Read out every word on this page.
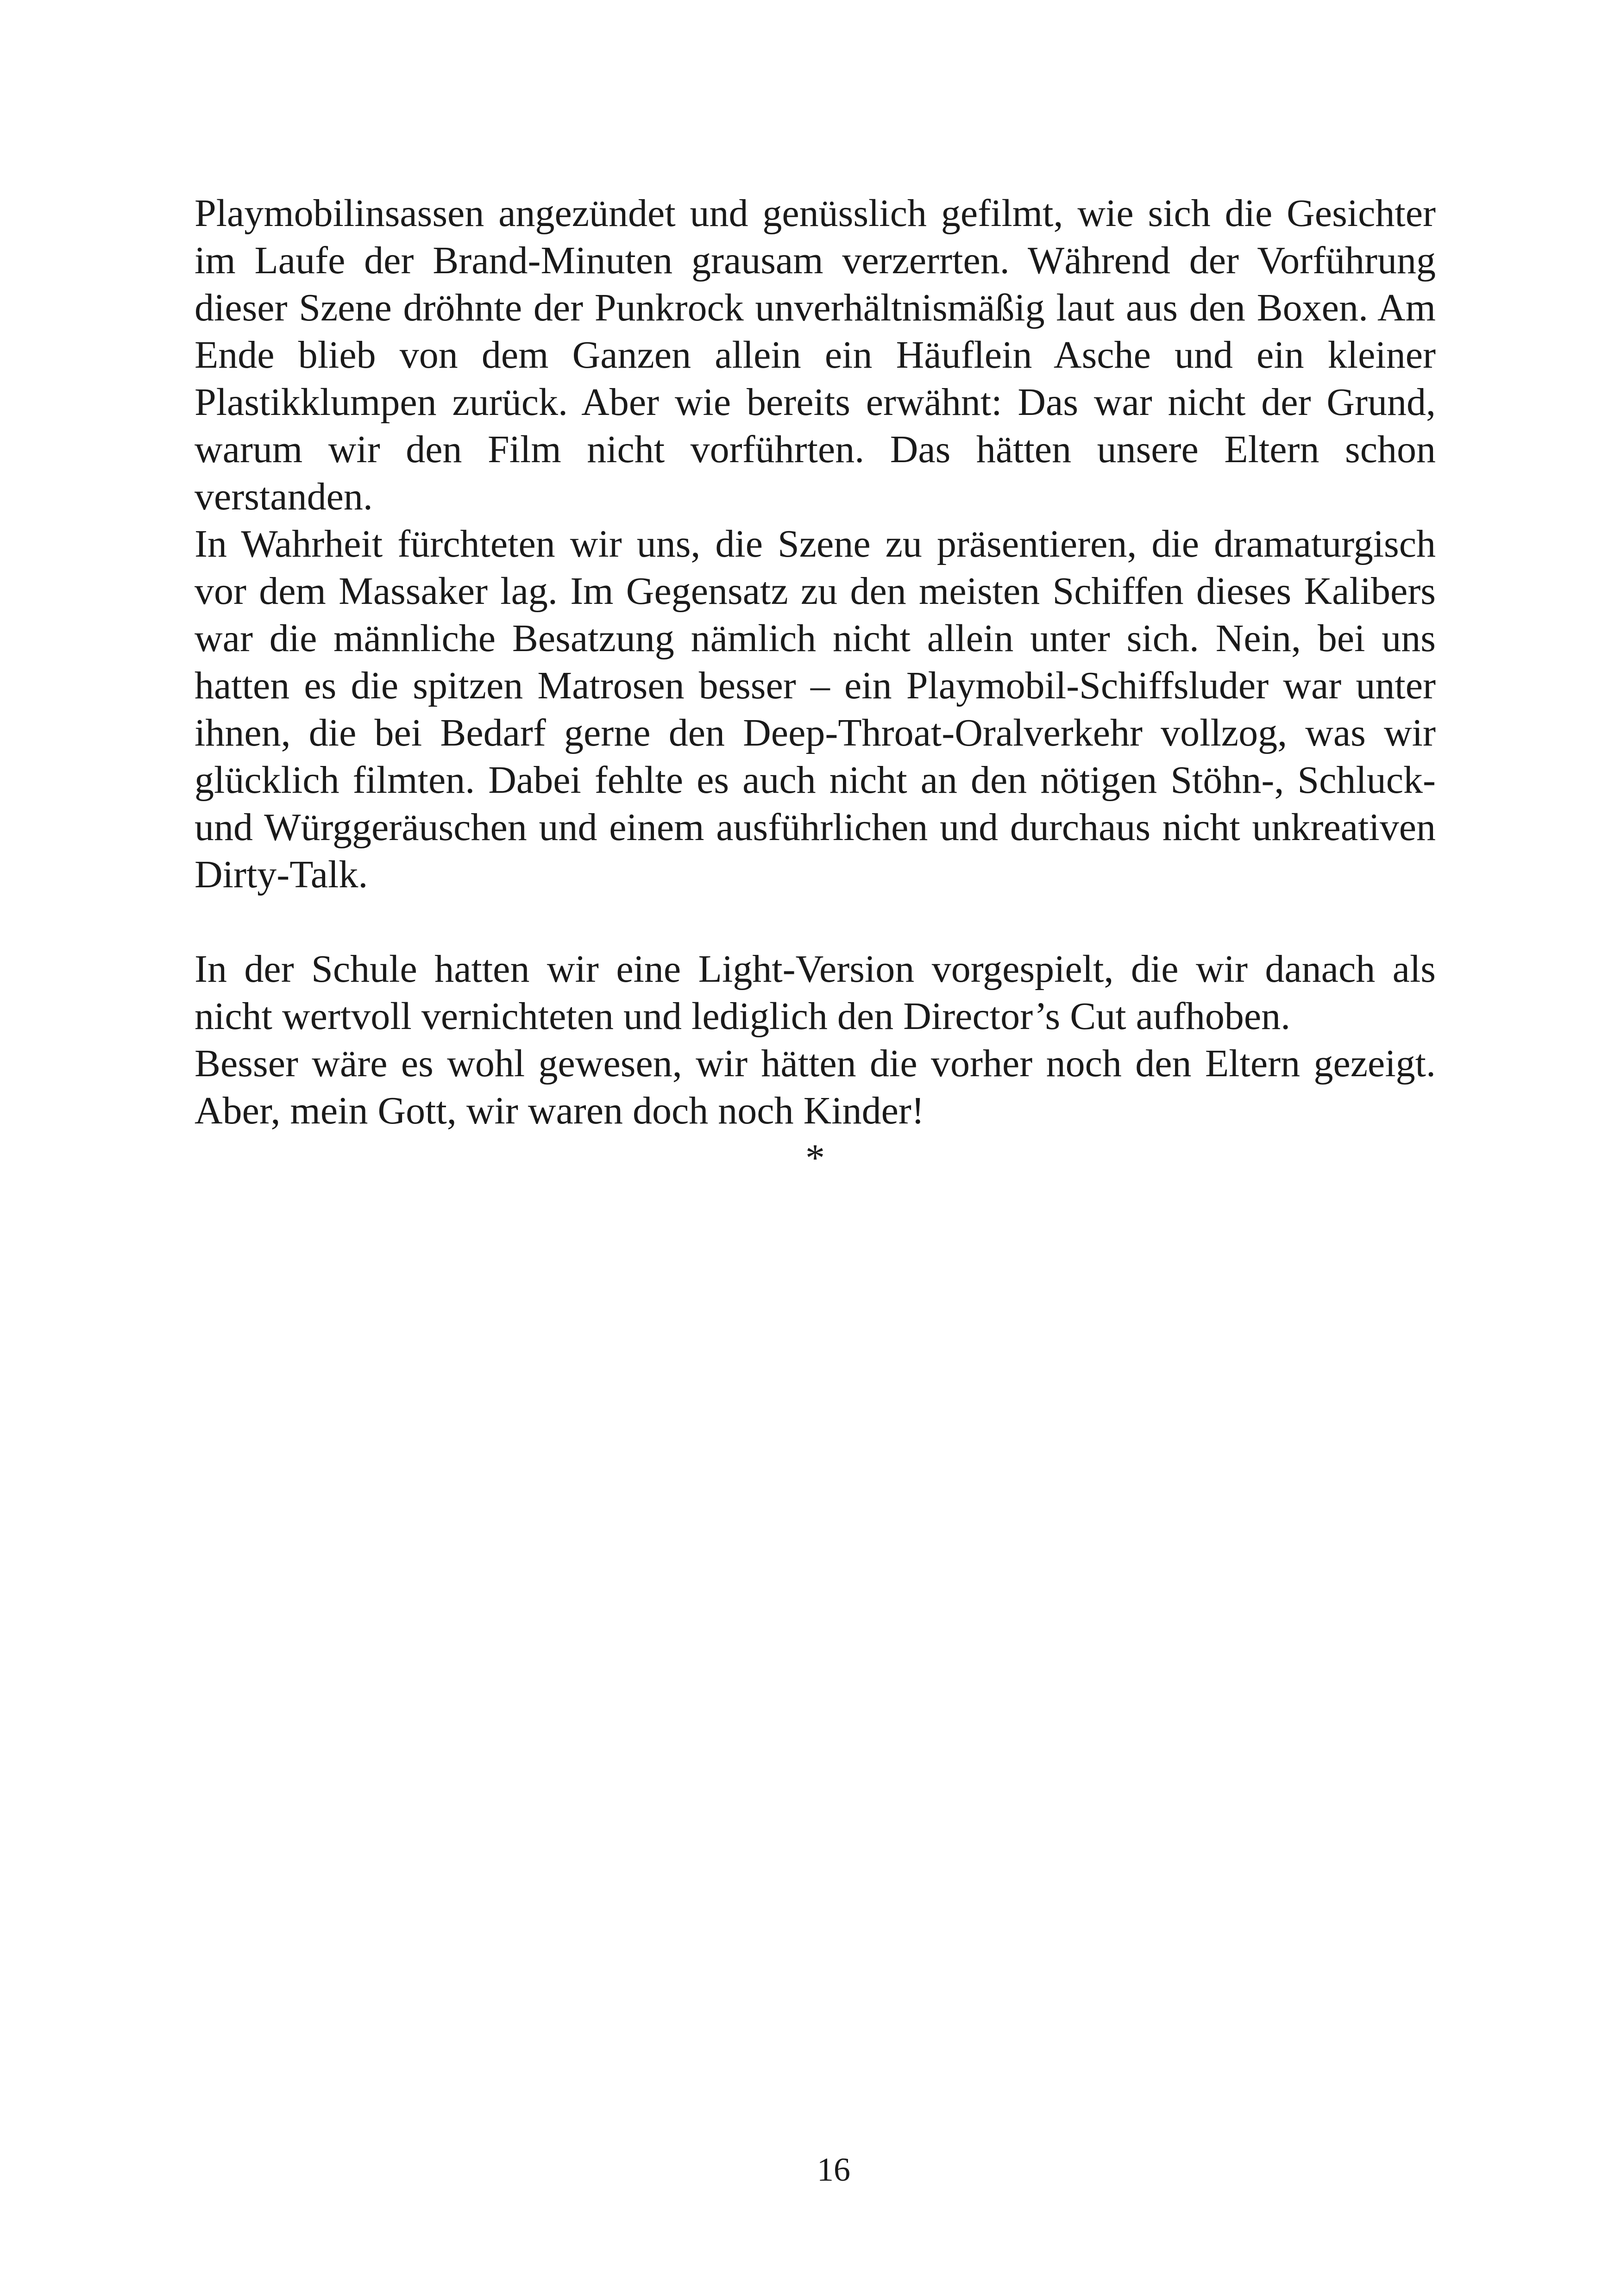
Playmobilinsassen angezündet und genüsslich gefilmt, wie sich die Gesichter im Laufe der Brand-Minuten grausam verzerrten. Während der Vorführung dieser Szene dröhnte der Punkrock unverhältnismäßig laut aus den Boxen. Am Ende blieb von dem Ganzen allein ein Häuflein Asche und ein kleiner Plastikklumpen zurück. Aber wie bereits erwähnt: Das war nicht der Grund, warum wir den Film nicht vorführten. Das hätten unsere Eltern schon verstanden.

In Wahrheit fürchteten wir uns, die Szene zu präsentieren, die dramaturgisch vor dem Massaker lag. Im Gegensatz zu den meisten Schiffen dieses Kalibers war die männliche Besatzung nämlich nicht allein unter sich. Nein, bei uns hatten es die spitzen Matrosen besser – ein Playmobil-Schiffsluder war unter ihnen, die bei Bedarf gerne den Deep-Throat-Oralverkehr vollzog, was wir glücklich filmten. Dabei fehlte es auch nicht an den nötigen Stöhn-, Schluck- und Würggeräuschen und einem ausführlichen und durchaus nicht unkreativen Dirty-Talk.

In der Schule hatten wir eine Light-Version vorgespielt, die wir danach als nicht wertvoll vernichteten und lediglich den Director’s Cut aufhoben.

Besser wäre es wohl gewesen, wir hätten die vorher noch den Eltern gezeigt. Aber, mein Gott, wir waren doch noch Kinder!

*

16
